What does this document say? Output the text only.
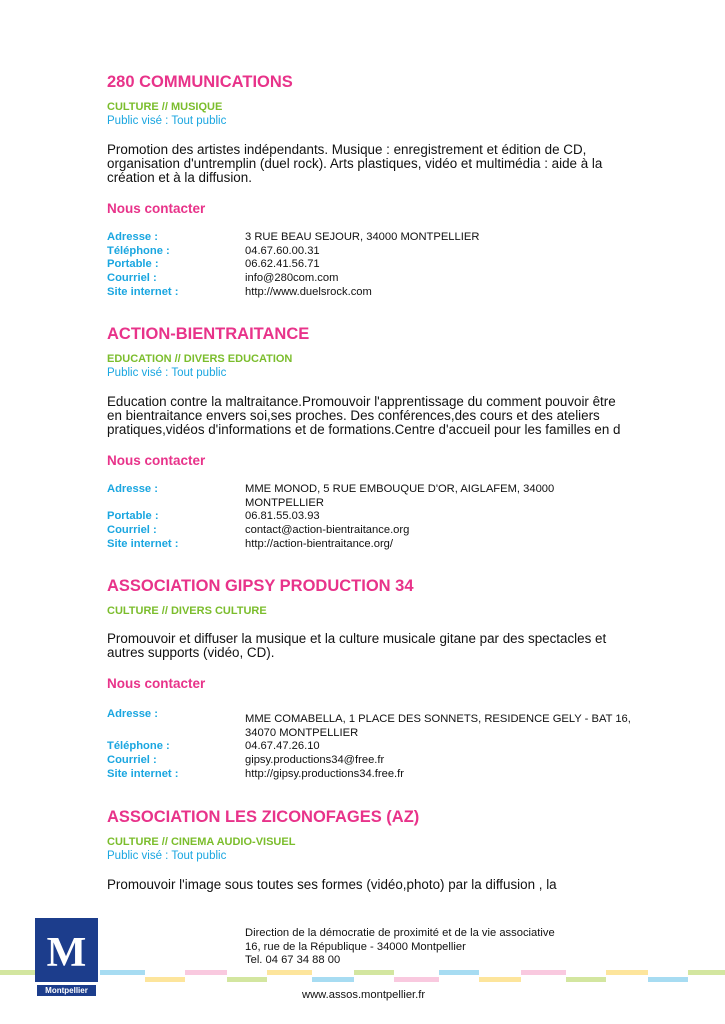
280 COMMUNICATIONS
CULTURE // MUSIQUE
Public visé : Tout public
Promotion des artistes indépendants. Musique : enregistrement et édition de CD,
organisation d'untremplin (duel rock). Arts plastiques, vidéo et multimédia : aide à la
création et à la diffusion.
Nous contacter
Adresse :	3 RUE BEAU SEJOUR, 34000 MONTPELLIER
Téléphone :	04.67.60.00.31
Portable :	06.62.41.56.71
Courriel :	info@280com.com
Site internet :	http://www.duelsrock.com
ACTION-BIENTRAITANCE
EDUCATION // DIVERS EDUCATION
Public visé : Tout public
Education contre la maltraitance.Promouvoir l'apprentissage du comment pouvoir être
en bientraitance envers soi,ses proches. Des conférences,des cours et des ateliers
pratiques,vidéos d'informations et de formations.Centre d'accueil pour les familles en d
Nous contacter
Adresse :	MME MONOD, 5 RUE EMBOUQUE D'OR, AIGLAFEM, 34000
MONTPELLIER
Portable :	06.81.55.03.93
Courriel :	contact@action-bientraitance.org
Site internet :	http://action-bientraitance.org/
ASSOCIATION GIPSY PRODUCTION 34
CULTURE // DIVERS CULTURE
Promouvoir et diffuser la musique et la culture musicale gitane par des spectacles et
autres supports (vidéo, CD).
Nous contacter
Adresse :	MME COMABELLA, 1 PLACE DES SONNETS, RESIDENCE GELY - BAT 16,
34070 MONTPELLIER
Téléphone :	04.67.47.26.10
Courriel :	gipsy.productions34@free.fr
Site internet :	http://gipsy.productions34.free.fr
ASSOCIATION LES ZICONOFAGES (AZ)
CULTURE // CINEMA AUDIO-VISUEL
Public visé : Tout public
Promouvoir l'image sous toutes ses formes (vidéo,photo) par la diffusion , la
M
Montpellier
Direction de la démocratie de proximité et de la vie associative
16, rue de la République - 34000 Montpellier
Tel. 04 67 34 88 00
www.assos.montpellier.fr
